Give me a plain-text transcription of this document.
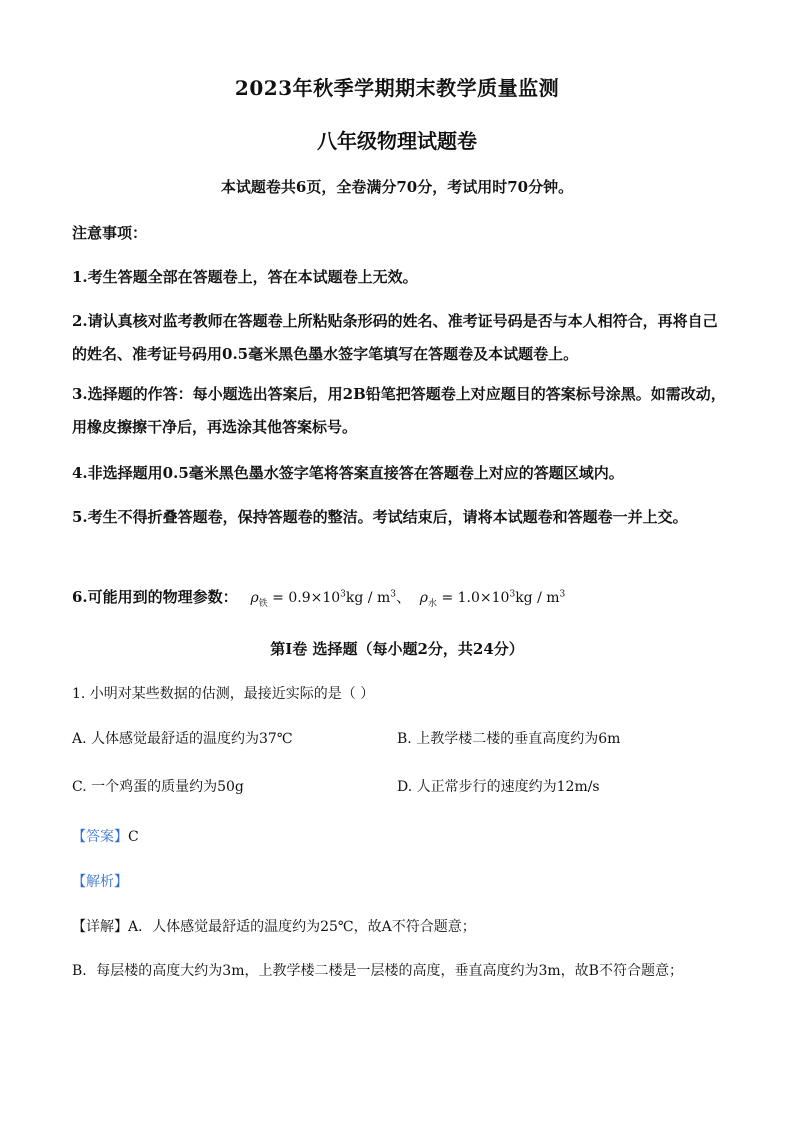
2023年秋季学期期末教学质量监测
八年级物理试题卷
本试题卷共6页，全卷满分70分，考试用时70分钟。
注意事项：
1.考生答题全部在答题卷上，答在本试题卷上无效。
2.请认真核对监考教师在答题卷上所粘贴条形码的姓名、准考证号码是否与本人相符合，再将自己的姓名、准考证号码用0.5毫米黑色墨水签字笔填写在答题卷及本试题卷上。
3.选择题的作答：每小题选出答案后，用2B铅笔把答题卷上对应题目的答案标号涂黑。如需改动，用橡皮擦擦干净后，再选涂其他答案标号。
4.非选择题用0.5毫米黑色墨水签字笔将答案直接答在答题卷上对应的答题区域内。
5.考生不得折叠答题卷，保持答题卷的整洁。考试结束后，请将本试题卷和答题卷一并上交。
6.可能用到的物理参数： $\rho_铁 = 0.9\times 10^3kg / m^3$、 $\rho_水 = 1.0\times 10^3kg / m^3$
第Ⅰ卷 选择题（每小题2分，共24分）
1. 小明对某些数据的估测，最接近实际的是（ ）
A. 人体感觉最舒适的温度约为37℃	B. 上教学楼二楼的垂直高度约为6m
C. 一个鸡蛋的质量约为50g	D. 人正常步行的速度约为12m/s
【答案】C
【解析】
【详解】A．人体感觉最舒适的温度约为25℃，故A不符合题意；
B．每层楼的高度大约为3m，上教学楼二楼是一层楼的高度，垂直高度约为3m，故B不符合题意；
